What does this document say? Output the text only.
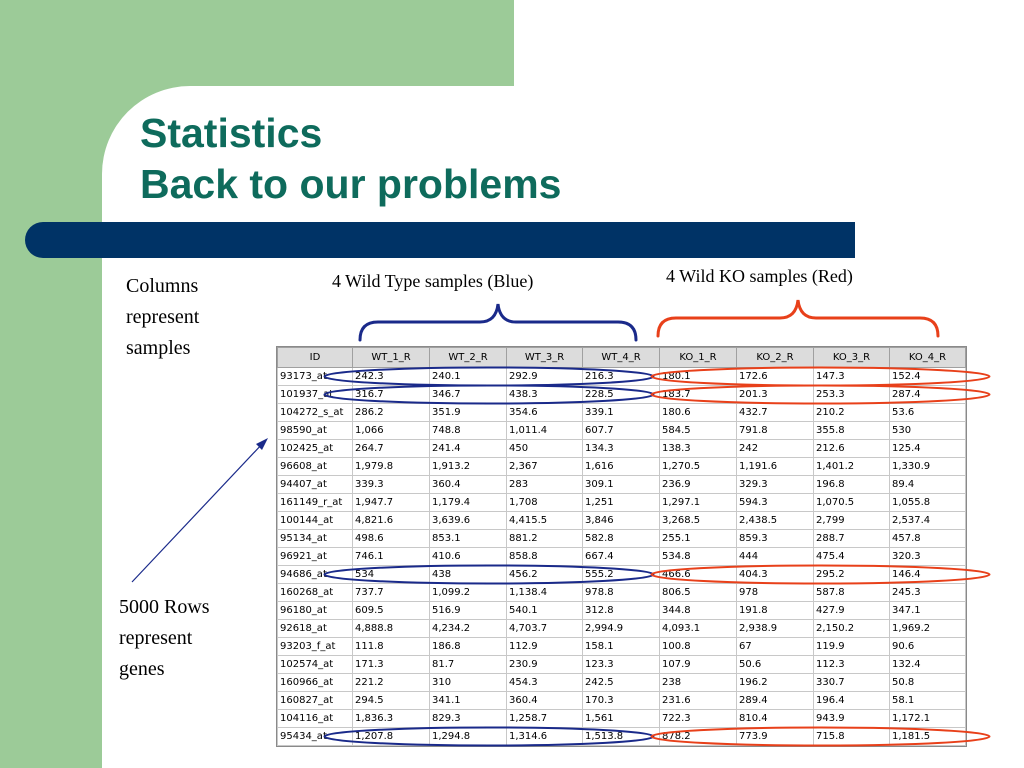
Statistics
Back to our problems
Columns
represent
samples
5000 Rows
represent
genes
4 Wild Type samples (Blue)	4 Wild KO samples (Red)
ID	WT_1_R	WT_2_R	WT_3_R	WT_4_R	KO_1_R	KO_2_R	KO_3_R	KO_4_R
93173_at	242.3	240.1	292.9	216.3	180.1	172.6	147.3	152.4
101937_at	316.7	346.7	438.3	228.5	183.7	201.3	253.3	287.4
104272_s_at	286.2	351.9	354.6	339.1	180.6	432.7	210.2	53.6
98590_at	1,066	748.8	1,011.4	607.7	584.5	791.8	355.8	530
102425_at	264.7	241.4	450	134.3	138.3	242	212.6	125.4
96608_at	1,979.8	1,913.2	2,367	1,616	1,270.5	1,191.6	1,401.2	1,330.9
94407_at	339.3	360.4	283	309.1	236.9	329.3	196.8	89.4
161149_r_at	1,947.7	1,179.4	1,708	1,251	1,297.1	594.3	1,070.5	1,055.8
100144_at	4,821.6	3,639.6	4,415.5	3,846	3,268.5	2,438.5	2,799	2,537.4
95134_at	498.6	853.1	881.2	582.8	255.1	859.3	288.7	457.8
96921_at	746.1	410.6	858.8	667.4	534.8	444	475.4	320.3
94686_at	534	438	456.2	555.2	466.6	404.3	295.2	146.4
160268_at	737.7	1,099.2	1,138.4	978.8	806.5	978	587.8	245.3
96180_at	609.5	516.9	540.1	312.8	344.8	191.8	427.9	347.1
92618_at	4,888.8	4,234.2	4,703.7	2,994.9	4,093.1	2,938.9	2,150.2	1,969.2
93203_f_at	111.8	186.8	112.9	158.1	100.8	67	119.9	90.6
102574_at	171.3	81.7	230.9	123.3	107.9	50.6	112.3	132.4
160966_at	221.2	310	454.3	242.5	238	196.2	330.7	50.8
160827_at	294.5	341.1	360.4	170.3	231.6	289.4	196.4	58.1
104116_at	1,836.3	829.3	1,258.7	1,561	722.3	810.4	943.9	1,172.1
95434_at	1,207.8	1,294.8	1,314.6	1,513.8	878.2	773.9	715.8	1,181.5
